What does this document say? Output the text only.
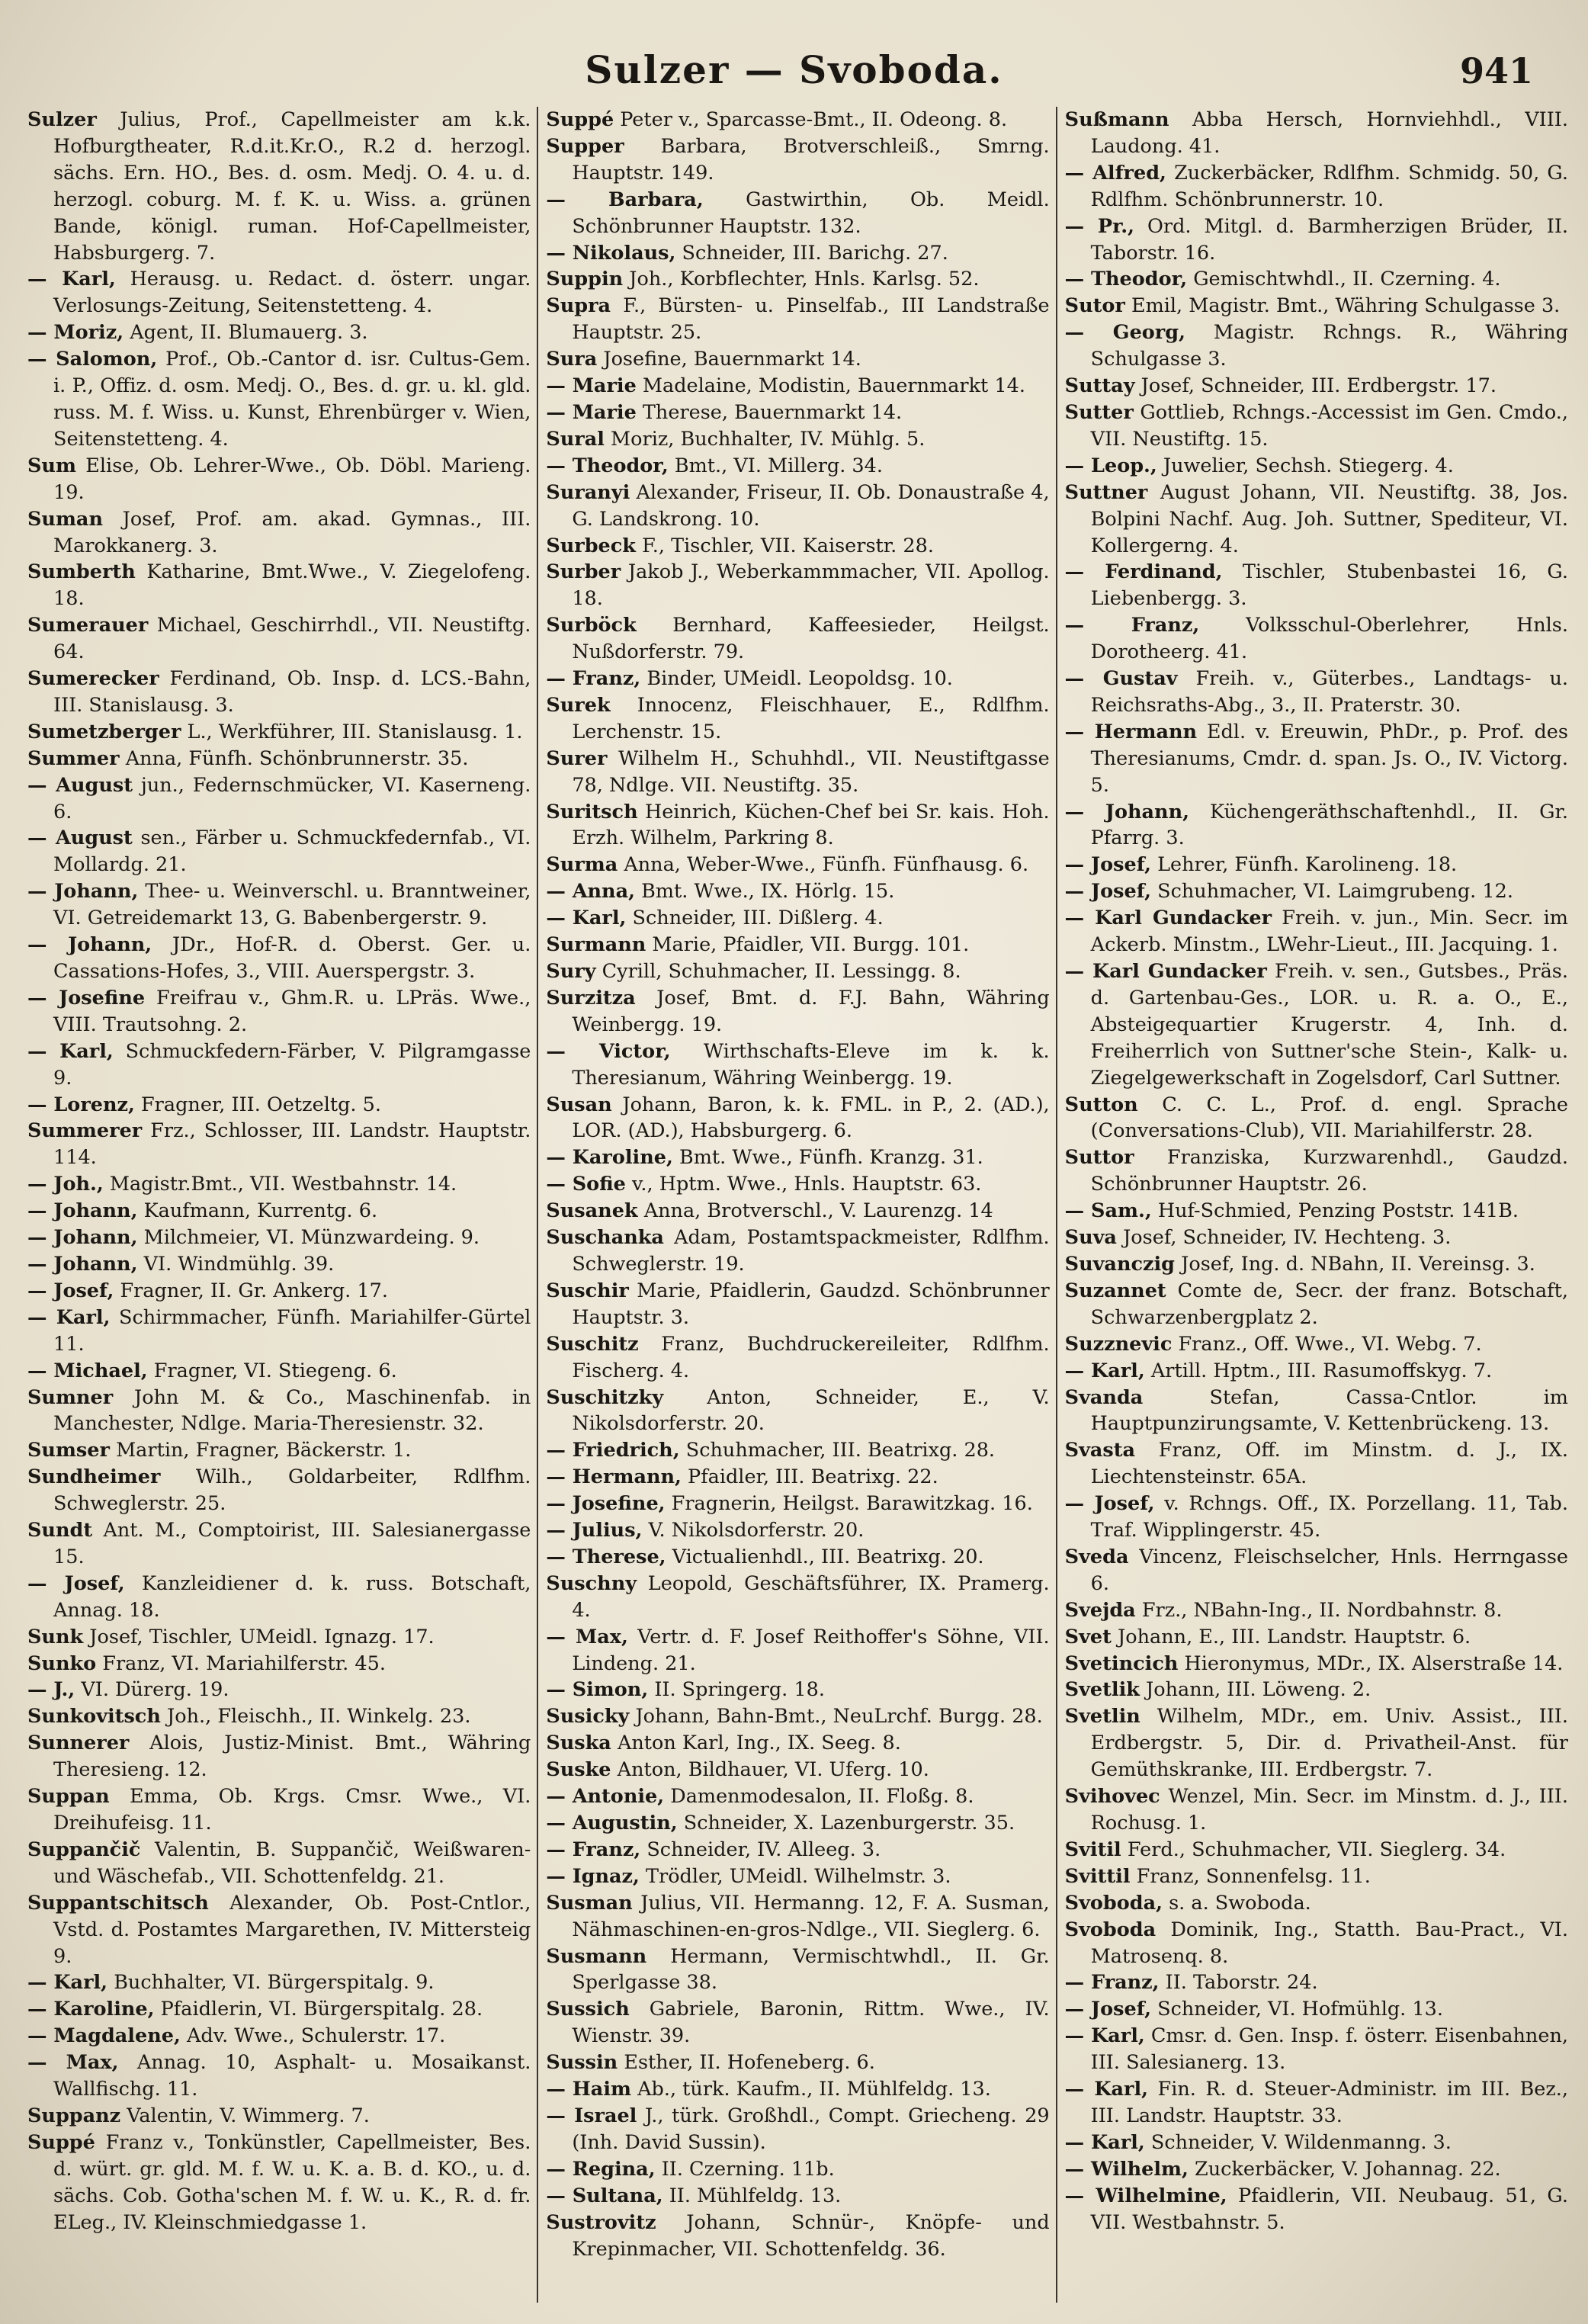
Sulzer — Svoboda.	941

Sulzer Julius, Prof., Capellmeister am k.k. Hofburgtheater, R.d.it.Kr.O., R.2 d. herzogl. sächs. Ern. HO., Bes. d. osm. Medj. O. 4. u. d. herzogl. coburg. M. f. K. u. Wiss. a. grünen Bande, königl. ruman. Hof-Capellmeister, Habsburgerg. 7.

— Karl, Herausg. u. Redact. d. österr. ungar. Verlosungs-Zeitung, Seitenstetteng. 4.

— Moriz, Agent, II. Blumauerg. 3.

— Salomon, Prof., Ob.-Cantor d. isr. Cultus-Gem. i. P., Offiz. d. osm. Medj. O., Bes. d. gr. u. kl. gld. russ. M. f. Wiss. u. Kunst, Ehrenbürger v. Wien, Seitenstetteng. 4.

Sum Elise, Ob. Lehrer-Wwe., Ob. Döbl. Marieng. 19.

Suman Josef, Prof. am. akad. Gymnas., III. Marokkanerg. 3.

Sumberth Katharine, Bmt.Wwe., V. Ziegelofeng. 18.

Sumerauer Michael, Geschirrhdl., VII. Neustiftg. 64.

Sumerecker Ferdinand, Ob. Insp. d. LCS.-Bahn, III. Stanislausg. 3.

Sumetzberger L., Werkführer, III. Stanislausg. 1.

Summer Anna, Fünfh. Schönbrunnerstr. 35.

— August jun., Federnschmücker, VI. Kaserneng. 6.

— August sen., Färber u. Schmuckfedernfab., VI. Mollardg. 21.

— Johann, Thee- u. Weinverschl. u. Branntweiner, VI. Getreidemarkt 13, G. Babenbergerstr. 9.

— Johann, JDr., Hof-R. d. Oberst. Ger. u. Cassations-Hofes, 3., VIII. Auerspergstr. 3.

— Josefine Freifrau v., Ghm.R. u. LPräs. Wwe., VIII. Trautsohng. 2.

— Karl, Schmuckfedern-Färber, V. Pilgramgasse 9.

— Lorenz, Fragner, III. Oetzeltg. 5.

Summerer Frz., Schlosser, III. Landstr. Hauptstr. 114.

— Joh., Magistr.Bmt., VII. Westbahnstr. 14.

— Johann, Kaufmann, Kurrentg. 6.

— Johann, Milchmeier, VI. Münzwardeing. 9.

— Johann, VI. Windmühlg. 39.

— Josef, Fragner, II. Gr. Ankerg. 17.

— Karl, Schirmmacher, Fünfh. Mariahilfer-Gürtel 11.

— Michael, Fragner, VI. Stiegeng. 6.

Sumner John M. & Co., Maschinenfab. in Manchester, Ndlge. Maria-Theresienstr. 32.

Sumser Martin, Fragner, Bäckerstr. 1.

Sundheimer Wilh., Goldarbeiter, Rdlfhm. Schweglerstr. 25.

Sundt Ant. M., Comptoirist, III. Salesianergasse 15.

— Josef, Kanzleidiener d. k. russ. Botschaft, Annag. 18.

Sunk Josef, Tischler, UMeidl. Ignazg. 17.

Sunko Franz, VI. Mariahilferstr. 45.

— J., VI. Dürerg. 19.

Sunkovitsch Joh., Fleischh., II. Winkelg. 23.

Sunnerer Alois, Justiz-Minist. Bmt., Währing Theresieng. 12.

Suppan Emma, Ob. Krgs. Cmsr. Wwe., VI. Dreihufeisg. 11.

Suppančič Valentin, B. Suppančič, Weißwaren- und Wäschefab., VII. Schottenfeldg. 21.

Suppantschitsch Alexander, Ob. Post-Cntlor., Vstd. d. Postamtes Margarethen, IV. Mittersteig 9.

— Karl, Buchhalter, VI. Bürgerspitalg. 9.

— Karoline, Pfaidlerin, VI. Bürgerspitalg. 28.

— Magdalene, Adv. Wwe., Schulerstr. 17.

— Max, Annag. 10, Asphalt- u. Mosaikanst. Wallfischg. 11.

Suppanz Valentin, V. Wimmerg. 7.

Suppé Franz v., Tonkünstler, Capellmeister, Bes. d. würt. gr. gld. M. f. W. u. K. a. B. d. KO., u. d. sächs. Cob. Gotha'schen M. f. W. u. K., R. d. fr. ELeg., IV. Kleinschmiedgasse 1.

Suppé Peter v., Sparcasse-Bmt., II. Odeong. 8.

Supper Barbara, Brotverschleiß., Smrng. Hauptstr. 149.

— Barbara, Gastwirthin, Ob. Meidl. Schönbrunner Hauptstr. 132.

— Nikolaus, Schneider, III. Barichg. 27.

Suppin Joh., Korbflechter, Hnls. Karlsg. 52.

Supra F., Bürsten- u. Pinselfab., III Landstraße Hauptstr. 25.

Sura Josefine, Bauernmarkt 14.

— Marie Madelaine, Modistin, Bauernmarkt 14.

— Marie Therese, Bauernmarkt 14.

Sural Moriz, Buchhalter, IV. Mühlg. 5.

— Theodor, Bmt., VI. Millerg. 34.

Suranyi Alexander, Friseur, II. Ob. Donaustraße 4, G. Landskrong. 10.

Surbeck F., Tischler, VII. Kaiserstr. 28.

Surber Jakob J., Weberkammmacher, VII. Apollog. 18.

Surböck Bernhard, Kaffeesieder, Heilgst. Nußdorferstr. 79.

— Franz, Binder, UMeidl. Leopoldsg. 10.

Surek Innocenz, Fleischhauer, E., Rdlfhm. Lerchenstr. 15.

Surer Wilhelm H., Schuhhdl., VII. Neustiftgasse 78, Ndlge. VII. Neustiftg. 35.

Suritsch Heinrich, Küchen-Chef bei Sr. kais. Hoh. Erzh. Wilhelm, Parkring 8.

Surma Anna, Weber-Wwe., Fünfh. Fünfhausg. 6.

— Anna, Bmt. Wwe., IX. Hörlg. 15.

— Karl, Schneider, III. Dißlerg. 4.

Surmann Marie, Pfaidler, VII. Burgg. 101.

Sury Cyrill, Schuhmacher, II. Lessingg. 8.

Surzitza Josef, Bmt. d. F.J. Bahn, Währing Weinbergg. 19.

— Victor, Wirthschafts-Eleve im k. k. Theresianum, Währing Weinbergg. 19.

Susan Johann, Baron, k. k. FML. in P., 2. (AD.), LOR. (AD.), Habsburgerg. 6.

— Karoline, Bmt. Wwe., Fünfh. Kranzg. 31.

— Sofie v., Hptm. Wwe., Hnls. Hauptstr. 63.

Susanek Anna, Brotverschl., V. Laurenzg. 14

Suschanka Adam, Postamtspackmeister, Rdlfhm. Schweglerstr. 19.

Suschir Marie, Pfaidlerin, Gaudzd. Schönbrunner Hauptstr. 3.

Suschitz Franz, Buchdruckereileiter, Rdlfhm. Fischerg. 4.

Suschitzky Anton, Schneider, E., V. Nikolsdorferstr. 20.

— Friedrich, Schuhmacher, III. Beatrixg. 28.

— Hermann, Pfaidler, III. Beatrixg. 22.

— Josefine, Fragnerin, Heilgst. Barawitzkag. 16.

— Julius, V. Nikolsdorferstr. 20.

— Therese, Victualienhdl., III. Beatrixg. 20.

Suschny Leopold, Geschäftsführer, IX. Pramerg. 4.

— Max, Vertr. d. F. Josef Reithoffer's Söhne, VII. Lindeng. 21.

— Simon, II. Springerg. 18.

Susicky Johann, Bahn-Bmt., NeuLrchf. Burgg. 28.

Suska Anton Karl, Ing., IX. Seeg. 8.

Suske Anton, Bildhauer, VI. Uferg. 10.

— Antonie, Damenmodesalon, II. Floßg. 8.

— Augustin, Schneider, X. Lazenburgerstr. 35.

— Franz, Schneider, IV. Alleeg. 3.

— Ignaz, Trödler, UMeidl. Wilhelmstr. 3.

Susman Julius, VII. Hermanng. 12, F. A. Susman, Nähmaschinen-en-gros-Ndlge., VII. Sieglerg. 6.

Susmann Hermann, Vermischtwhdl., II. Gr. Sperlgasse 38.

Sussich Gabriele, Baronin, Rittm. Wwe., IV. Wienstr. 39.

Sussin Esther, II. Hofeneberg. 6.

— Haim Ab., türk. Kaufm., II. Mühlfeldg. 13.

— Israel J., türk. Großhdl., Compt. Griecheng. 29 (Inh. David Sussin).

— Regina, II. Czerning. 11b.

— Sultana, II. Mühlfeldg. 13.

Sustrovitz Johann, Schnür-, Knöpfe- und Krepinmacher, VII. Schottenfeldg. 36.

Sußmann Abba Hersch, Hornviehhdl., VIII. Laudong. 41.

— Alfred, Zuckerbäcker, Rdlfhm. Schmidg. 50, G. Rdlfhm. Schönbrunnerstr. 10.

— Pr., Ord. Mitgl. d. Barmherzigen Brüder, II. Taborstr. 16.

— Theodor, Gemischtwhdl., II. Czerning. 4.

Sutor Emil, Magistr. Bmt., Währing Schulgasse 3.

— Georg, Magistr. Rchngs. R., Währing Schulgasse 3.

Suttay Josef, Schneider, III. Erdbergstr. 17.

Sutter Gottlieb, Rchngs.-Accessist im Gen. Cmdo., VII. Neustiftg. 15.

— Leop., Juwelier, Sechsh. Stiegerg. 4.

Suttner August Johann, VII. Neustiftg. 38, Jos. Bolpini Nachf. Aug. Joh. Suttner, Spediteur, VI. Kollergerng. 4.

— Ferdinand, Tischler, Stubenbastei 16, G. Liebenbergg. 3.

— Franz, Volksschul-Oberlehrer, Hnls. Dorotheerg. 41.

— Gustav Freih. v., Güterbes., Landtags- u. Reichsraths-Abg., 3., II. Praterstr. 30.

— Hermann Edl. v. Ereuwin, PhDr., p. Prof. des Theresianums, Cmdr. d. span. Js. O., IV. Victorg. 5.

— Johann, Küchengeräthschaftenhdl., II. Gr. Pfarrg. 3.

— Josef, Lehrer, Fünfh. Karolineng. 18.

— Josef, Schuhmacher, VI. Laimgrubeng. 12.

— Karl Gundacker Freih. v. jun., Min. Secr. im Ackerb. Minstm., LWehr-Lieut., III. Jacquing. 1.

— Karl Gundacker Freih. v. sen., Gutsbes., Präs. d. Gartenbau-Ges., LOR. u. R. a. O., E., Absteigequartier Krugerstr. 4, Inh. d. Freiherrlich von Suttner'sche Stein-, Kalk- u. Ziegelgewerkschaft in Zogelsdorf, Carl Suttner.

Sutton C. C. L., Prof. d. engl. Sprache (Conversations-Club), VII. Mariahilferstr. 28.

Suttor Franziska, Kurzwarenhdl., Gaudzd. Schönbrunner Hauptstr. 26.

— Sam., Huf-Schmied, Penzing Poststr. 141B.

Suva Josef, Schneider, IV. Hechteng. 3.

Suvanczig Josef, Ing. d. NBahn, II. Vereinsg. 3.

Suzannet Comte de, Secr. der franz. Botschaft, Schwarzenbergplatz 2.

Suzznevic Franz., Off. Wwe., VI. Webg. 7.

— Karl, Artill. Hptm., III. Rasumoffskyg. 7.

Svanda	Stefan, Cassa-Cntlor. im Hauptpunzirungsamte, V. Kettenbrückeng. 13.

Svasta Franz, Off. im Minstm. d. J., IX. Liechtensteinstr. 65A.

— Josef, v. Rchngs. Off., IX. Porzellang. 11, Tab. Traf. Wipplingerstr. 45.

Sveda Vincenz, Fleischselcher, Hnls. Herrngasse 6.

Svejda Frz., NBahn-Ing., II. Nordbahnstr. 8.

Svet Johann, E., III. Landstr. Hauptstr. 6.

Svetincich Hieronymus, MDr., IX. Alserstraße 14.

Svetlik Johann, III. Löweng. 2.

Svetlin Wilhelm, MDr., em. Univ. Assist., III. Erdbergstr. 5, Dir. d. Privatheil-Anst. für Gemüthskranke, III. Erdbergstr. 7.

Svihovec Wenzel, Min. Secr. im Minstm. d. J., III. Rochusg. 1.

Svitil Ferd., Schuhmacher, VII. Sieglerg. 34.

Svittil Franz, Sonnenfelsg. 11.

Svoboda, s. a. Swoboda.

Svoboda Dominik, Ing., Statth. Bau-Pract., VI. Matrosenq. 8.

— Franz, II. Taborstr. 24.

— Josef, Schneider, VI. Hofmühlg. 13.

— Karl, Cmsr. d. Gen. Insp. f. österr. Eisenbahnen, III. Salesianerg. 13.

— Karl, Fin. R. d. Steuer-Administr. im III. Bez., III. Landstr. Hauptstr. 33.

— Karl, Schneider, V. Wildenmanng. 3.

— Wilhelm, Zuckerbäcker, V. Johannag. 22.

— Wilhelmine, Pfaidlerin, VII. Neubaug. 51, G. VII. Westbahnstr. 5.
